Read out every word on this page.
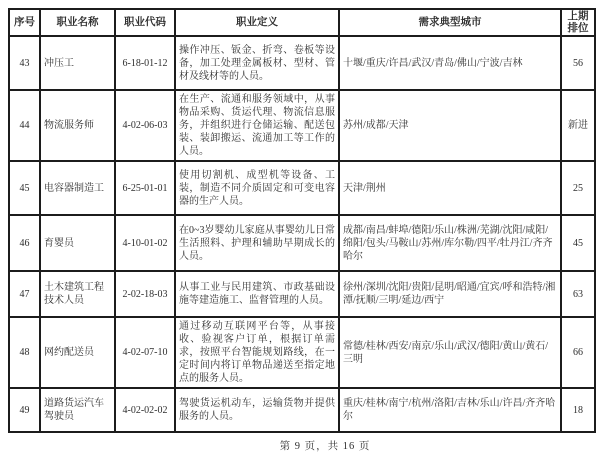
序号	职业名称	职业代码	职业定义	需求典型城市	上期排位
43	冲压工	6-18-01-12	操作冲压、钣金、折弯、卷板等设备，加工处理金属板材、型材、管材及线材等的人员。	十堰/重庆/许昌/武汉/青岛/佛山/宁波/吉林	56
44	物流服务师	4-02-06-03	在生产、流通和服务领域中，从事物品采购、货运代理、物流信息服务，并组织进行仓储运输、配送包装、装卸搬运、流通加工等工作的人员。	苏州/成都/天津	新进
45	电容器制造工	6-25-01-01	使用切割机、成型机等设备、工装，制造不同介质固定和可变电容器的生产人员。	天津/荆州	25
46	育婴员	4-10-01-02	在0~3岁婴幼儿家庭从事婴幼儿日常生活照料、护理和辅助早期成长的人员。	成都/南昌/蚌埠/德阳/乐山/株洲/芜湖/沈阳/咸阳/绵阳/包头/马鞍山/苏州/库尔勒/四平/牡丹江/齐齐哈尔	45
47	土木建筑工程技术人员	2-02-18-03	从事工业与民用建筑、市政基础设施等建造施工、监督管理的人员。	徐州/深圳/沈阳/贵阳/昆明/昭通/宜宾/呼和浩特/湘潭/抚顺/三明/延边/西宁	63
48	网约配送员	4-02-07-10	通过移动互联网平台等，从事接收、验视客户订单，根据订单需求，按照平台智能规划路线，在一定时间内将订单物品递送至指定地点的服务人员。	常德/桂林/西安/南京/乐山/武汉/德阳/黄山/黄石/三明	66
49	道路货运汽车驾驶员	4-02-02-02	驾驶货运机动车，运输货物并提供服务的人员。	重庆/桂林/南宁/杭州/洛阳/吉林/乐山/许昌/齐齐哈尔	18
第 9 页，共 16 页
